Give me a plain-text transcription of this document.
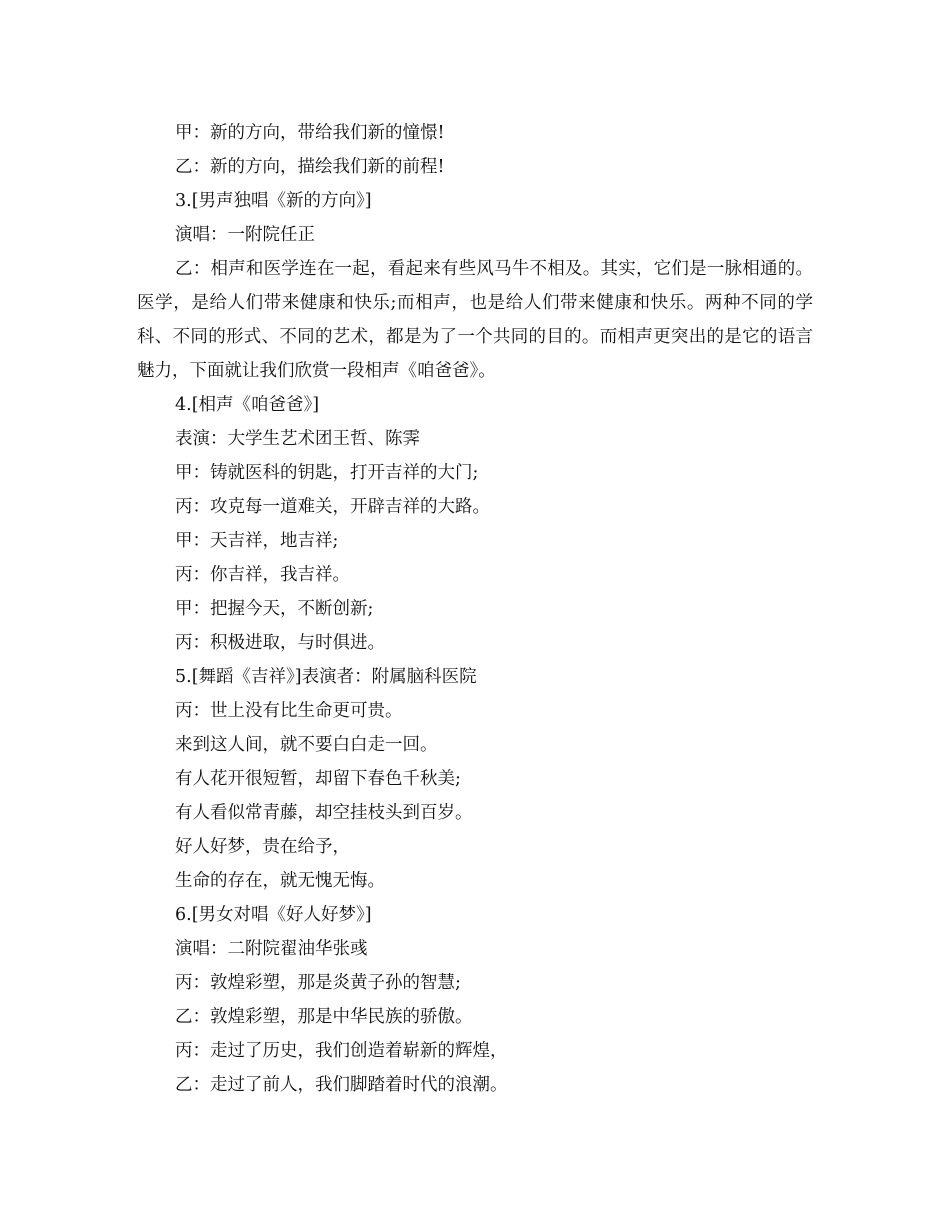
甲：新的方向，带给我们新的憧憬!

乙：新的方向，描绘我们新的前程!

3.[男声独唱《新的方向》]

演唱：一附院任正

乙：相声和医学连在一起，看起来有些风马牛不相及。其实，它们是一脉相通的。医学，是给人们带来健康和快乐;而相声，也是给人们带来健康和快乐。两种不同的学科、不同的形式、不同的艺术，都是为了一个共同的目的。而相声更突出的是它的语言魅力，下面就让我们欣赏一段相声《咱爸爸》。

4.[相声《咱爸爸》]

表演：大学生艺术团王哲、陈霁

甲：铸就医科的钥匙，打开吉祥的大门;

丙：攻克每一道难关，开辟吉祥的大路。

甲：天吉祥，地吉祥;

丙：你吉祥，我吉祥。

甲：把握今天，不断创新;

丙：积极进取，与时俱进。

5.[舞蹈《吉祥》]表演者：附属脑科医院

丙：世上没有比生命更可贵。

来到这人间，就不要白白走一回。

有人花开很短暂，却留下春色千秋美;

有人看似常青藤，却空挂枝头到百岁。

好人好梦，贵在给予，

生命的存在，就无愧无悔。

6.[男女对唱《好人好梦》]

演唱：二附院翟油华张彧

丙：敦煌彩塑，那是炎黄子孙的智慧;

乙：敦煌彩塑，那是中华民族的骄傲。

丙：走过了历史，我们创造着崭新的辉煌，

乙：走过了前人，我们脚踏着时代的浪潮。
